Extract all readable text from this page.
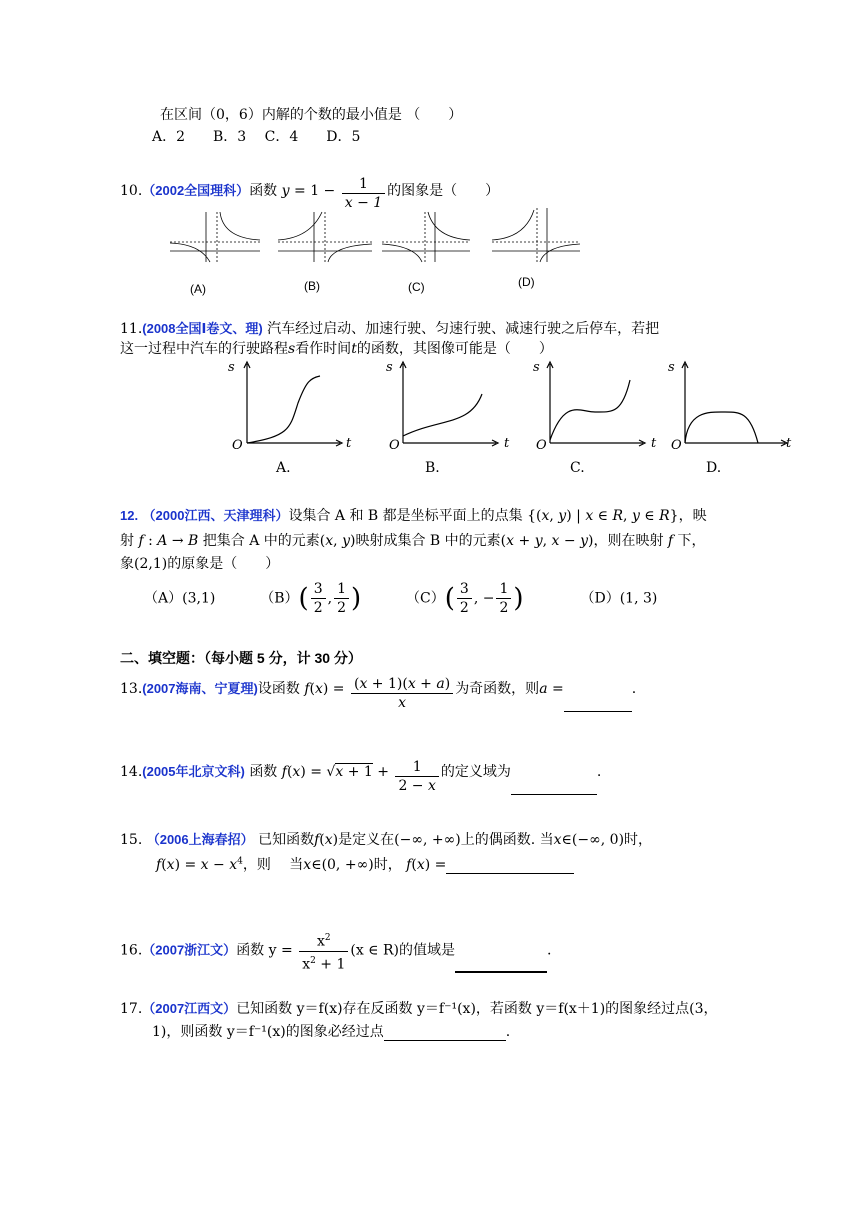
在区间（0，6）内解的个数的最小值是 （　　）
A．2　　B．3　 C．4　　D．5
10.（2002全国理科）函数 $y = 1 - \frac{1}{x - 1}$ 的图象是（　　）
(A)	(B)	(C)	(D)
11.(2008全国Ⅰ卷文、理) 汽车经过启动、加速行驶、匀速行驶、减速行驶之后停车，若把
这一过程中汽车的行驶路程s看作时间t的函数，其图像可能是（　　）
s
O	t
s
O	t
s
O	t
s
O	t
A.	B.	C.	D.
12. （2000江西、天津理科）设集合 A 和 B 都是坐标平面上的点集 {(x, y) | x ∈ R, y ∈ R}，映
射 f : A → B 把集合 A 中的元素(x, y)映射成集合 B 中的元素(x + y, x − y)，则在映射 f 下，
象(2,1)的原象是（　　）
（A）(3,1)	$(B)( \frac{3}{2}$ , $\frac{1}{2}$ )	$(C)( \frac{3}{2}$ , − $\frac{1}{2}$ )	（D）(1, 3)
二、填空题：（每小题 5 分，计 30 分）
13.(2007海南、宁夏理)设函数 $f(x) = \frac{(x + 1)(x + a)}{x}$ 为奇函数，则a =	.
14.(2005年北京文科) 函数 $f(x) = √x + 1 + \frac{1}{2 - x}$ 的定义域为	.
15. （2006上海春招） 已知函数f(x)是定义在(−∞, +∞)上的偶函数. 当x∈(−∞, 0)时，
$f(x) = x - x^4$，则　 当x∈(0, +∞)时， f(x) =
16.（2007浙江文）函数 $y = \frac{x^2}{x^2 + 1} (x$ ∈ R)的值域是	.
17.（2007江西文）已知函数 y＝f(x)存在反函数 y＝f⁻¹(x)，若函数 y＝f(x＋1)的图象经过点(3，
1)，则函数 y＝f⁻¹(x)的图象必经过点	.
